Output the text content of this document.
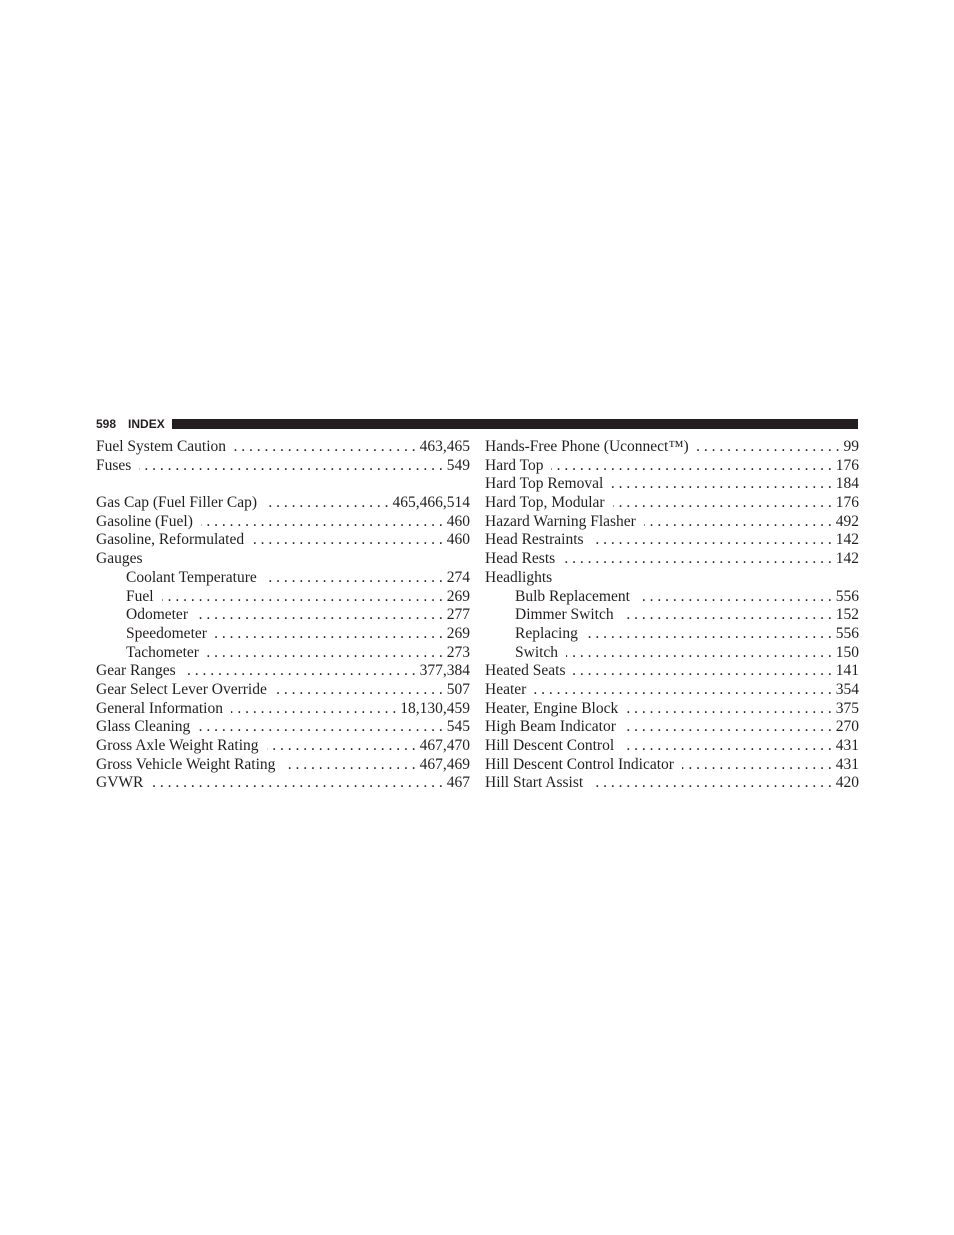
598 INDEX
Fuel System Caution . . .	463,465
Fuses . . .	549
Gas Cap (Fuel Filler Cap) . . .	465,466,514
Gasoline (Fuel) . . .	460
Gasoline, Reformulated . . .	460
Gauges
Coolant Temperature . . .	274
Fuel . . .	269
Odometer . . .	277
Speedometer . . .	269
Tachometer . . .	273
Gear Ranges . . .	377,384
Gear Select Lever Override . . .	507
General Information . . .	18,130,459
Glass Cleaning . . .	545
Gross Axle Weight Rating . . .	467,470
Gross Vehicle Weight Rating . . .	467,469
GVWR . . .	467
Hands-Free Phone (Uconnect™) . . .	99
Hard Top . . .	176
Hard Top Removal . . .	184
Hard Top, Modular . . .	176
Hazard Warning Flasher . . .	492
Head Restraints . . .	142
Head Rests . . .	142
Headlights
Bulb Replacement . . .	556
Dimmer Switch . . .	152
Replacing . . .	556
Switch . . .	150
Heated Seats . . .	141
Heater . . .	354
Heater, Engine Block . . .	375
High Beam Indicator . . .	270
Hill Descent Control . . .	431
Hill Descent Control Indicator . . .	431
Hill Start Assist . . .	420
